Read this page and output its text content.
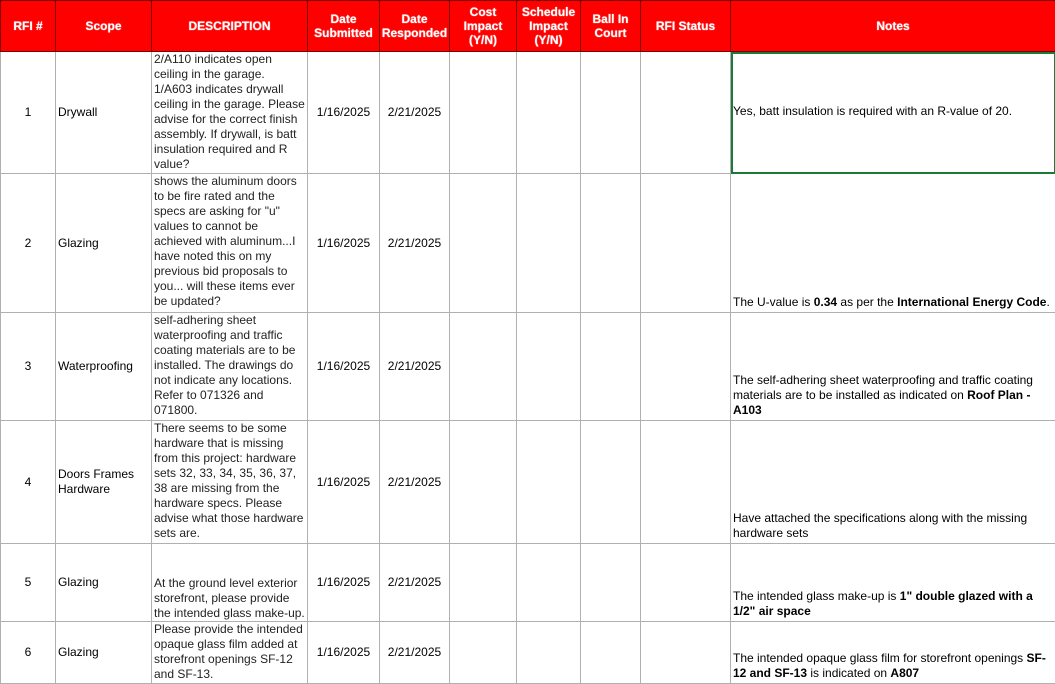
RFI #	Scope	DESCRIPTION	Date Submitted	Date Responded	Cost Impact (Y/N)	Schedule Impact (Y/N)	Ball In Court	RFI Status	Notes
1	Drywall	2/A110 indicates open ceiling in the garage. 1/A603 indicates drywall ceiling in the garage. Please advise for the correct finish assembly. If drywall, is batt insulation required and R value?	1/16/2025	2/21/2025					Yes, batt insulation is required with an R-value of 20.
2	Glazing	shows the aluminum doors to be fire rated and the specs are asking for "u" values to cannot be achieved with aluminum...I have noted this on my previous bid proposals to you... will these items ever be updated?	1/16/2025	2/21/2025					The U-value is 0.34 as per the International Energy Code.
3	Waterproofing	self-adhering sheet waterproofing and traffic coating materials are to be installed. The drawings do not indicate any locations. Refer to 071326 and 071800.	1/16/2025	2/21/2025					The self-adhering sheet waterproofing and traffic coating materials are to be installed as indicated on Roof Plan - A103
4	Doors Frames Hardware	There seems to be some hardware that is missing from this project: hardware sets 32, 33, 34, 35, 36, 37, 38 are missing from the hardware specs. Please advise what those hardware sets are.	1/16/2025	2/21/2025					Have attached the specifications along with the missing hardware sets
5	Glazing	At the ground level exterior storefront, please provide the intended glass make-up.	1/16/2025	2/21/2025					The intended glass make-up is 1" double glazed with a 1/2" air space
6	Glazing	Please provide the intended opaque glass film added at storefront openings SF-12 and SF-13.	1/16/2025	2/21/2025					The intended opaque glass film for storefront openings SF-12 and SF-13 is indicated on A807
